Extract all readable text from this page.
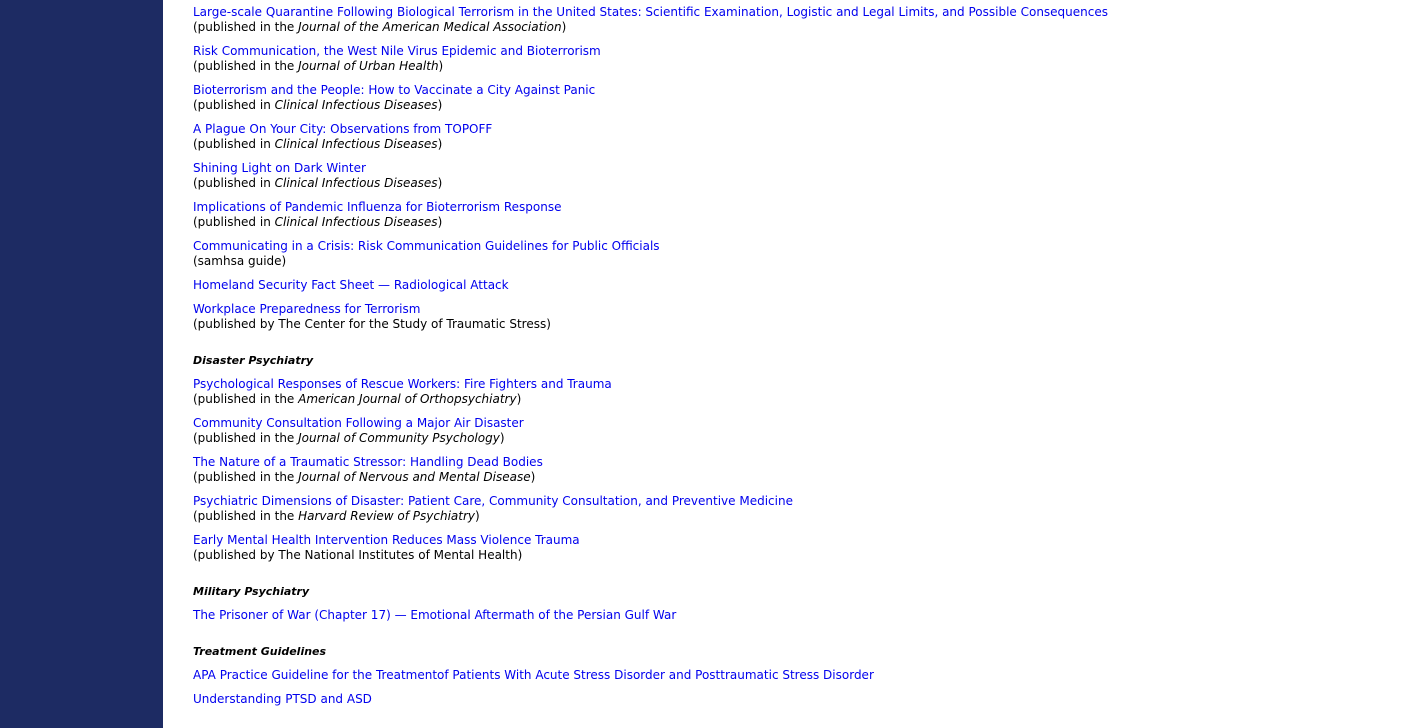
Large-scale Quarantine Following Biological Terrorism in the United States: Scientific Examination, Logistic and Legal Limits, and Possible Consequences
(published in the Journal of the American Medical Association)
Risk Communication, the West Nile Virus Epidemic and Bioterrorism
(published in the Journal of Urban Health)
Bioterrorism and the People: How to Vaccinate a City Against Panic
(published in Clinical Infectious Diseases)
A Plague On Your City: Observations from TOPOFF
(published in Clinical Infectious Diseases)
Shining Light on Dark Winter
(published in Clinical Infectious Diseases)
Implications of Pandemic Influenza for Bioterrorism Response
(published in Clinical Infectious Diseases)
Communicating in a Crisis: Risk Communication Guidelines for Public Officials
(samhsa guide)
Homeland Security Fact Sheet — Radiological Attack
Workplace Preparedness for Terrorism
(published by The Center for the Study of Traumatic Stress)
Disaster Psychiatry
Psychological Responses of Rescue Workers: Fire Fighters and Trauma
(published in the American Journal of Orthopsychiatry)
Community Consultation Following a Major Air Disaster
(published in the Journal of Community Psychology)
The Nature of a Traumatic Stressor: Handling Dead Bodies
(published in the Journal of Nervous and Mental Disease)
Psychiatric Dimensions of Disaster: Patient Care, Community Consultation, and Preventive Medicine
(published in the Harvard Review of Psychiatry)
Early Mental Health Intervention Reduces Mass Violence Trauma
(published by The National Institutes of Mental Health)
Military Psychiatry
The Prisoner of War (Chapter 17) — Emotional Aftermath of the Persian Gulf War
Treatment Guidelines
APA Practice Guideline for the Treatmentof Patients With Acute Stress Disorder and Posttraumatic Stress Disorder
Understanding PTSD and ASD
